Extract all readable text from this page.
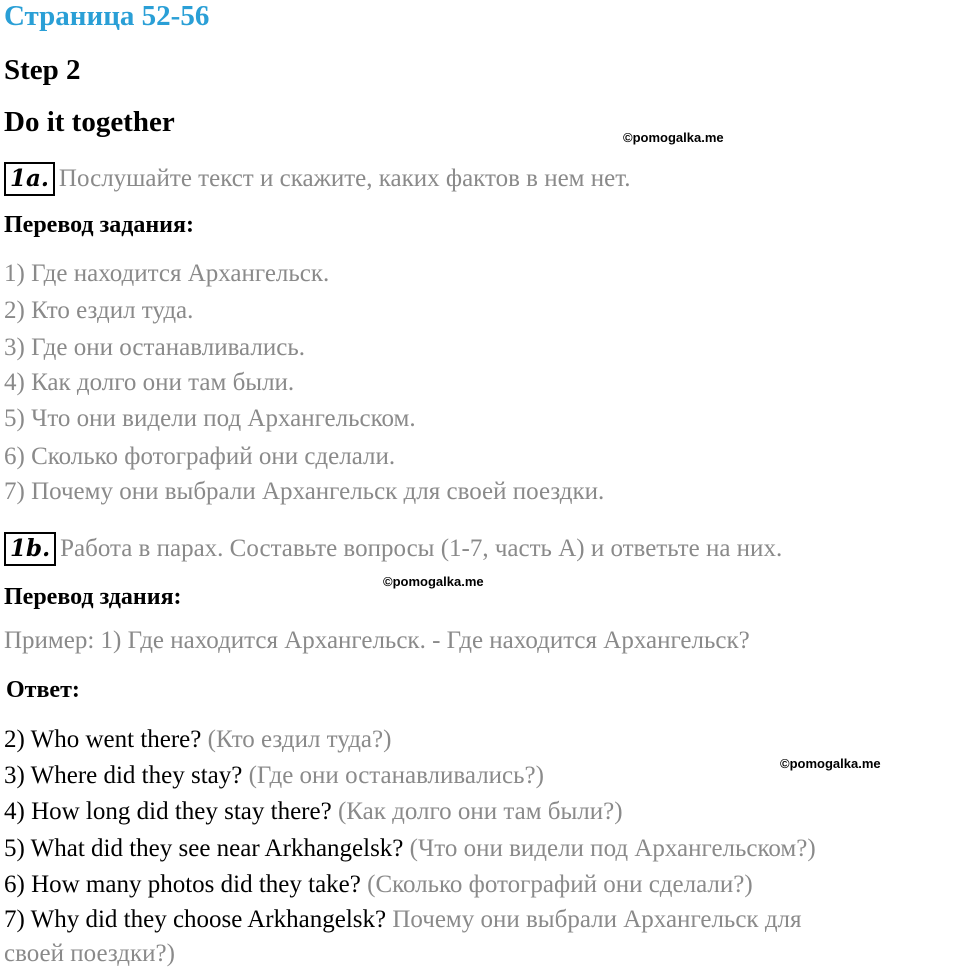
Страница 52-56
Step 2
Do it together	©pomogalka.me
1a. Послушайте текст и скажите, каких фактов в нем нет.
Перевод задания:
1) Где находится Архангельск.
2) Кто ездил туда.
3) Где они останавливались.
4) Как долго они там были.
5) Что они видели под Архангельском.
6) Сколько фотографий они сделали.
7) Почему они выбрали Архангельск для своей поездки.
1b. Работа в парах. Составьте вопросы (1-7, часть А) и ответьте на них.
©pomogalka.me
Перевод здания:
Пример: 1) Где находится Архангельск. - Где находится Архангельск?
Ответ:
©pomogalka.me
2) Who went there? (Кто ездил туда?)
3) Where did they stay? (Где они останавливались?)
4) How long did they stay there? (Как долго они там были?)
5) What did they see near Arkhangelsk? (Что они видели под Архангельском?)
6) How many photos did they take? (Сколько фотографий они сделали?)
7) Why did they choose Arkhangelsk? Почему они выбрали Архангельск для
своей поездки?)
